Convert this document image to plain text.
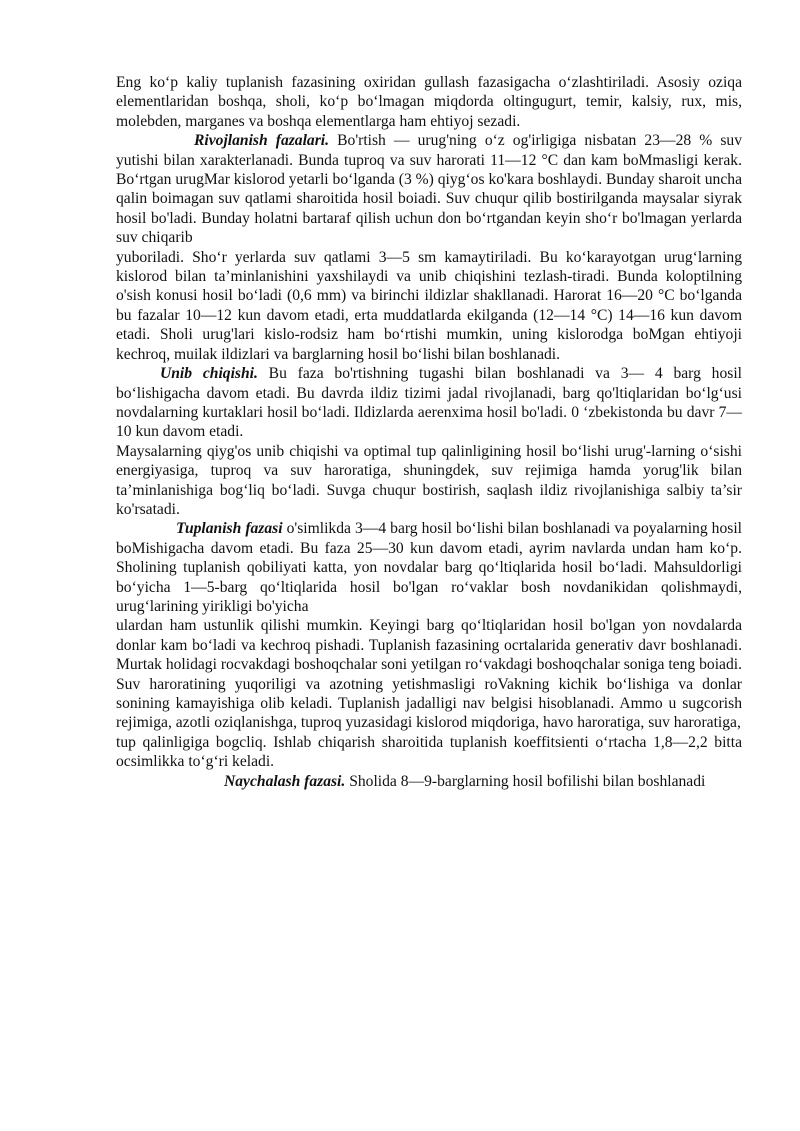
Eng ko‘p kaliy tuplanish fazasining oxiridan gullash fazasigacha o‘zlashtiriladi. Asosiy oziqa elementlaridan boshqa, sholi, ko‘p bo‘lmagan miqdorda oltingugurt, temir, kalsiy, rux, mis, molebden, marganes va boshqa elementlarga ham ehtiyoj sezadi.

Rivojlanish fazalari. Bo'rtish — urug'ning o‘z og'irligiga nisbatan 23—28 % suv yutishi bilan xarakterlanadi. Bunda tuproq va suv harorati 11—12 °C dan kam boMmasligi kerak. Bo‘rtgan urugMar kislorod yetarli bo‘lganda (3 %) qiyg‘os ko'kara boshlaydi. Bunday sharoit uncha qalin boimagan suv qatlami sharoitida hosil boiadi. Suv chuqur qilib bostirilganda maysalar siyrak hosil bo'ladi. Bunday holatni bartaraf qilish uchun don bo‘rtgandan keyin sho‘r bo'lmagan yerlarda suv chiqarib

yuboriladi. Sho‘r yerlarda suv qatlami 3—5 sm kamaytiriladi. Bu ko‘karayotgan urug‘larning kislorod bilan ta’minlanishini yaxshilaydi va unib chiqishini tezlash-tiradi. Bunda koloptilning o'sish konusi hosil bo‘ladi (0,6 mm) va birinchi ildizlar shakllanadi. Harorat 16—20 °C bo‘lganda bu fazalar 10—12 kun davom etadi, erta muddatlarda ekilganda (12—14 °C) 14—16 kun davom etadi. Sholi urug'lari kislo-rodsiz ham bo‘rtishi mumkin, uning kislorodga boMgan ehtiyoji kechroq, muilak ildizlari va barglarning hosil bo‘lishi bilan boshlanadi.

Unib chiqishi. Bu faza bo'rtishning tugashi bilan boshlanadi va 3— 4 barg hosil bo‘lishigacha davom etadi. Bu davrda ildiz tizimi jadal rivojlanadi, barg qo'ltiqlaridan bo‘lg‘usi novdalarning kurtaklari hosil bo‘ladi. Ildizlarda aerenxima hosil bo'ladi. 0 ‘zbekistonda bu davr 7—10 kun davom etadi.

Maysalarning qiyg'os unib chiqishi va optimal tup qalinligining hosil bo‘lishi urug'-larning o‘sishi energiyasiga, tuproq va suv haroratiga, shuningdek, suv rejimiga hamda yorug'lik bilan ta’minlanishiga bog‘liq bo‘ladi. Suvga chuqur bostirish, saqlash ildiz rivojlanishiga salbiy ta’sir ko'rsatadi.

Tuplanish fazasi o'simlikda 3—4 barg hosil bo‘lishi bilan boshlanadi va poyalarning hosil boMishigacha davom etadi. Bu faza 25—30 kun davom etadi, ayrim navlarda undan ham ko‘p. Sholining tuplanish qobiliyati katta, yon novdalar barg qo‘ltiqlarida hosil bo‘ladi. Mahsuldorligi bo‘yicha 1—5-barg qo‘ltiqlarida hosil bo'lgan ro‘vaklar bosh novdanikidan qolishmaydi, urug‘larining yirikligi bo'yicha

ulardan ham ustunlik qilishi mumkin. Keyingi barg qo‘ltiqlaridan hosil bo'lgan yon novdalarda donlar kam bo‘ladi va kechroq pishadi. Tuplanish fazasining ocrtalarida generativ davr boshlanadi. Murtak holidagi rocvakdagi boshoqchalar soni yetilgan ro‘vakdagi boshoqchalar soniga teng boiadi. Suv haroratining yuqoriligi va azotning yetishmasligi roVakning kichik bo‘lishiga va donlar sonining kamayishiga olib keladi. Tuplanish jadalligi nav belgisi hisoblanadi. Ammo u sugcorish rejimiga, azotli oziqlanishga, tuproq yuzasidagi kislorod miqdoriga, havo haroratiga, suv haroratiga,

tup qalinligiga bogcliq. Ishlab chiqarish sharoitida tuplanish koeffitsienti o‘rtacha 1,8—2,2 bitta ocsimlikka to‘g‘ri keladi.

Naychalash fazasi. Sholida 8—9-barglarning hosil bofilishi bilan boshlanadi
